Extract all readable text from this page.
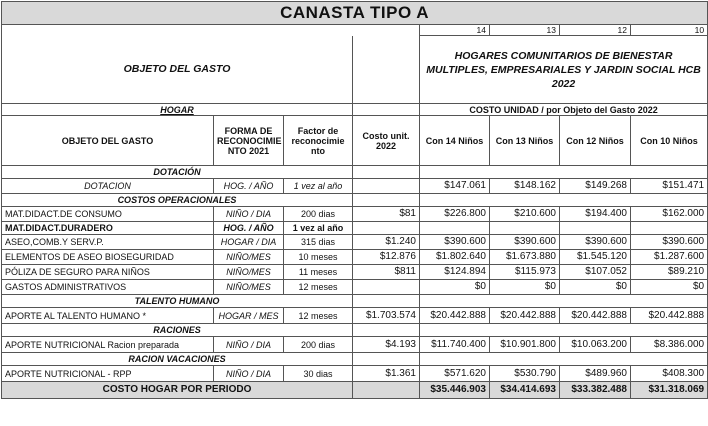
CANASTA TIPO A							
				14	13	12	10
OBJETO DEL GASTO				HOGARES COMUNITARIOS DE BIENESTAR MULTIPLES, EMPRESARIALES Y JARDIN SOCIAL HCB 2022			
HOGAR				COSTO UNIDAD / por Objeto del Gasto 2022			
OBJETO DEL GASTO	FORMA DE RECONOCIMIE NTO 2021	Factor de reconocimie nto	Costo unit. 2022	Con 14 Niños	Con 13 Niños	Con 12 Niños	Con 10 Niños
DOTACIÓN							
DOTACION	HOG. / AÑO	1 vez al año		$147.061	$148.162	$149.268	$151.471
COSTOS OPERACIONALES							
MAT.DIDACT.DE CONSUMO	NIÑO / DIA	200 dias	$81	$226.800	$210.600	$194.400	$162.000
MAT.DIDACT.DURADERO	HOG. / AÑO	1 vez al año					
ASEO,COMB.Y SERV.P.	HOGAR / DIA	315 dias	$1.240	$390.600	$390.600	$390.600	$390.600
ELEMENTOS DE ASEO BIOSEGURIDAD	NIÑO/MES	10 meses	$12.876	$1.802.640	$1.673.880	$1.545.120	$1.287.600
PÓLIZA DE SEGURO PARA NIÑOS	NIÑO/MES	11 meses	$811	$124.894	$115.973	$107.052	$89.210
GASTOS ADMINISTRATIVOS	NIÑO/MES	12 meses		$0	$0	$0	$0
TALENTO HUMANO							
APORTE AL TALENTO HUMANO *	HOGAR / MES	12 meses	$1.703.574	$20.442.888	$20.442.888	$20.442.888	$20.442.888
RACIONES							
APORTE NUTRICIONAL Racion preparada	NIÑO / DIA	200 dias	$4.193	$11.740.400	$10.901.800	$10.063.200	$8.386.000
RACION VACACIONES							
APORTE NUTRICIONAL - RPP	NIÑO / DIA	30 dias	$1.361	$571.620	$530.790	$489.960	$408.300
COSTO HOGAR POR PERIODO				$35.446.903	$34.414.693	$33.382.488	$31.318.069
